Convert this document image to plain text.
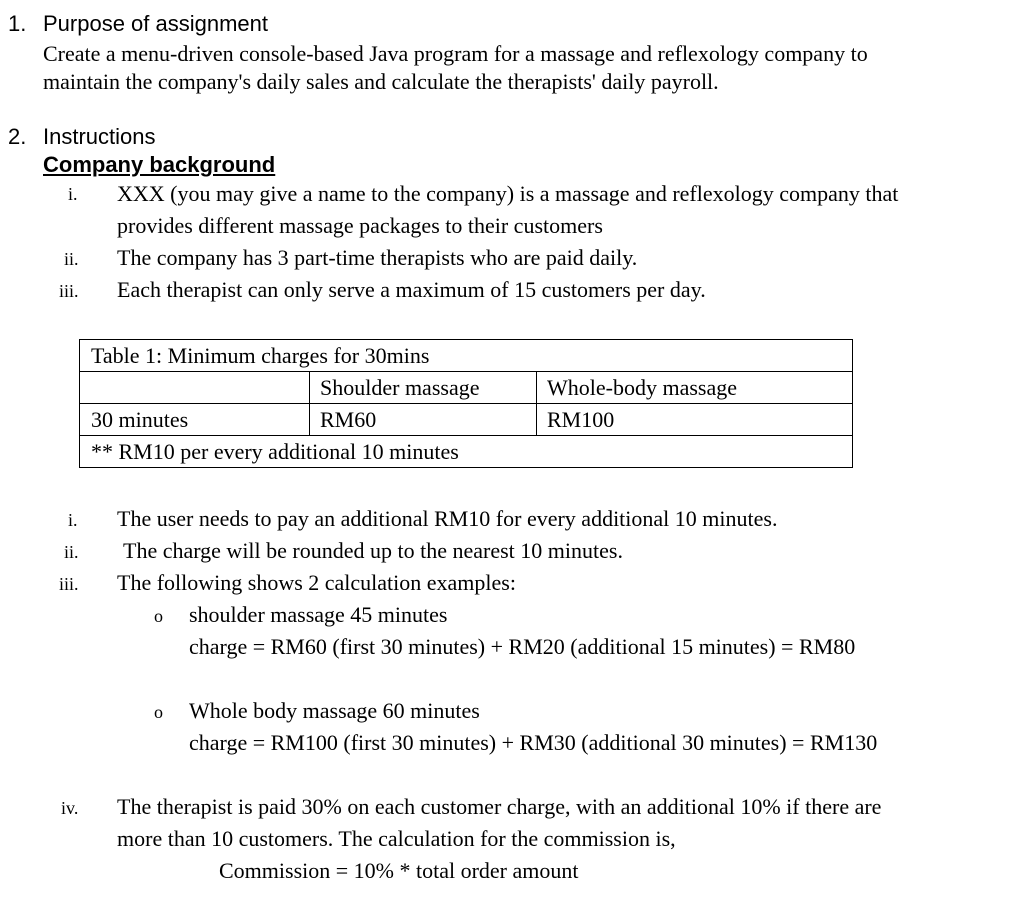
1. Purpose of assignment
Create a menu-driven console-based Java program for a massage and reflexology company to
maintain the company's daily sales and calculate the therapists' daily payroll.
2. Instructions
Company background
i. XXX (you may give a name to the company) is a massage and reflexology company that
provides different massage packages to their customers
ii. The company has 3 part-time therapists who are paid daily.
iii. Each therapist can only serve a maximum of 15 customers per day.
Table 1: Minimum charges for 30mins		
	Shoulder massage	Whole-body massage
30 minutes	RM60	RM100
** RM10 per every additional 10 minutes		
i. The user needs to pay an additional RM10 for every additional 10 minutes.
ii. The charge will be rounded up to the nearest 10 minutes.
iii. The following shows 2 calculation examples:
o shoulder massage 45 minutes
charge = RM60 (first 30 minutes) + RM20 (additional 15 minutes) = RM80
o Whole body massage 60 minutes
charge = RM100 (first 30 minutes) + RM30 (additional 30 minutes) = RM130
iv. The therapist is paid 30% on each customer charge, with an additional 10% if there are
more than 10 customers. The calculation for the commission is,
Commission = 10% * total order amount
